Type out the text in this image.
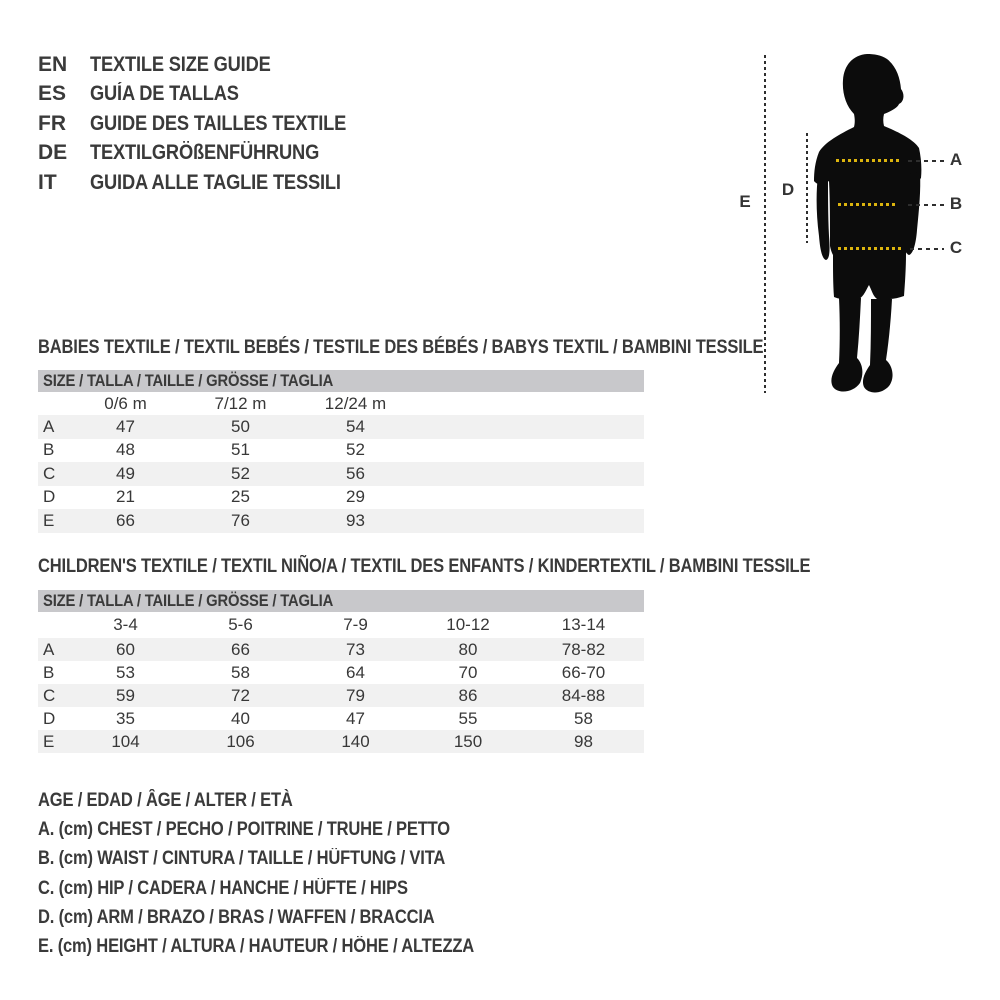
EN	TEXTILE SIZE GUIDE
ES	GUÍA DE TALLAS
FR	GUIDE DES TAILLES TEXTILE
DE	TEXTILGRÖßENFÜHRUNG
IT	GUIDA ALLE TAGLIE TESSILI
E
D
A
B
C
BABIES TEXTILE / TEXTIL BEBÉS / TESTILE DES BÉBÉS / BABYS TEXTIL / BAMBINI TESSILE
SIZE / TALLA / TAILLE / GRÖSSE / TAGLIA
0/6 m	7/12 m	12/24 m
A	47	50	54
B	48	51	52
C	49	52	56
D	21	25	29
E	66	76	93
CHILDREN'S TEXTILE / TEXTIL NIÑO/A / TEXTIL DES ENFANTS / KINDERTEXTIL / BAMBINI TESSILE
SIZE / TALLA / TAILLE / GRÖSSE / TAGLIA
3-4	5-6	7-9	10-12	13-14
A	60	66	73	80	78-82
B	53	58	64	70	66-70
C	59	72	79	86	84-88
D	35	40	47	55	58
E	104	106	140	150	98
AGE / EDAD / ÂGE / ALTER / ETÀ
A. (cm) CHEST / PECHO / POITRINE / TRUHE / PETTO
B. (cm) WAIST / CINTURA / TAILLE / HÜFTUNG / VITA
C. (cm) HIP / CADERA / HANCHE / HÜFTE / HIPS
D. (cm) ARM / BRAZO / BRAS / WAFFEN / BRACCIA
E. (cm) HEIGHT / ALTURA / HAUTEUR / HÖHE / ALTEZZA
